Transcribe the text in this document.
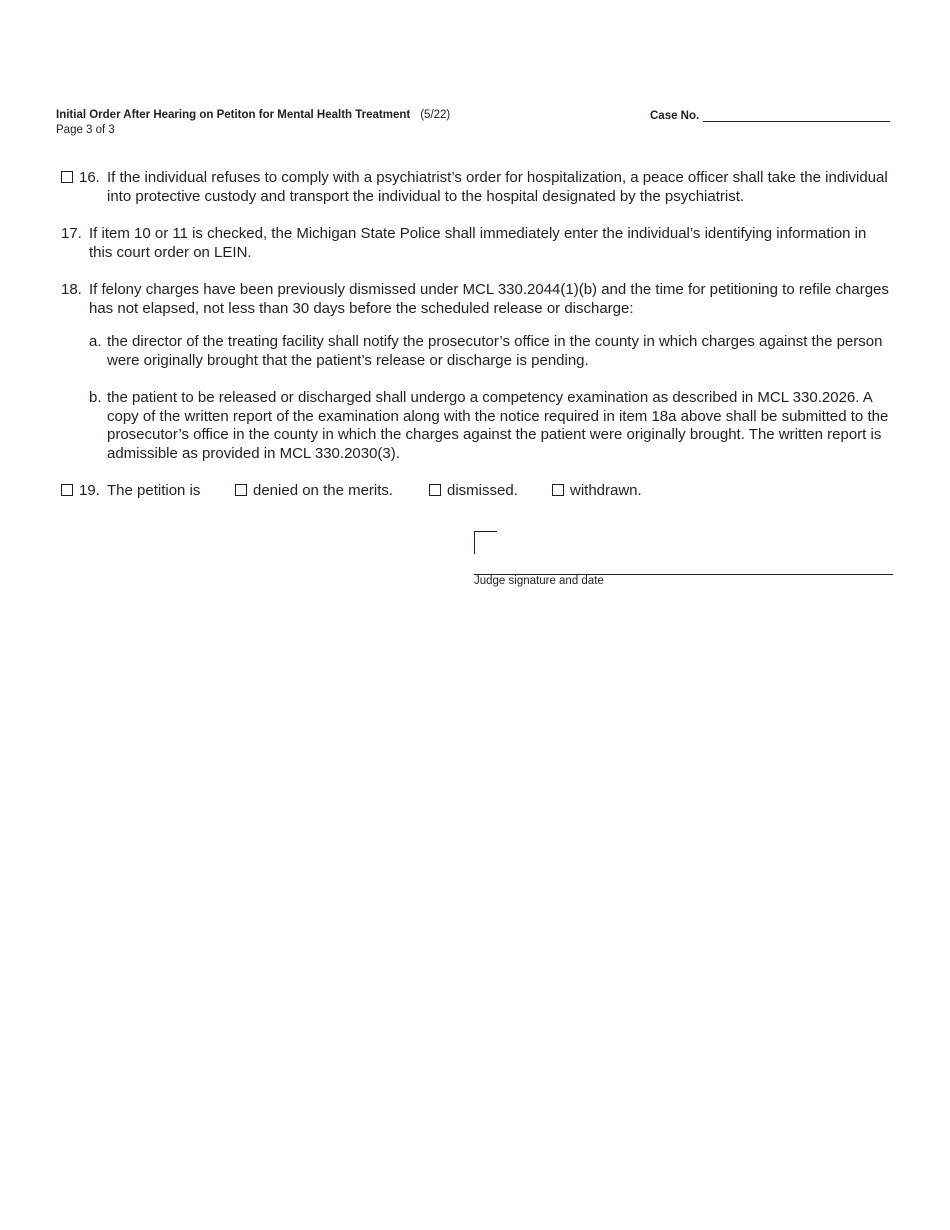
Initial Order After Hearing on Petiton for Mental Health Treatment (5/22)
Page 3 of 3
Case No.
16. If the individual refuses to comply with a psychiatrist’s order for hospitalization, a peace officer shall take the individual into protective custody and transport the individual to the hospital designated by the psychiatrist.
17. If item 10 or 11 is checked, the Michigan State Police shall immediately enter the individual’s identifying information in this court order on LEIN.
18. If felony charges have been previously dismissed under MCL 330.2044(1)(b) and the time for petitioning to refile charges has not elapsed, not less than 30 days before the scheduled release or discharge:
a. the director of the treating facility shall notify the prosecutor’s office in the county in which charges against the person were originally brought that the patient’s release or discharge is pending.
b. the patient to be released or discharged shall undergo a competency examination as described in MCL 330.2026. A copy of the written report of the examination along with the notice required in item 18a above shall be submitted to the prosecutor’s office in the county in which the charges against the patient were originally brought. The written report is admissible as provided in MCL 330.2030(3).
19. The petition is	denied on the merits.	dismissed.	withdrawn.
Judge signature and date
